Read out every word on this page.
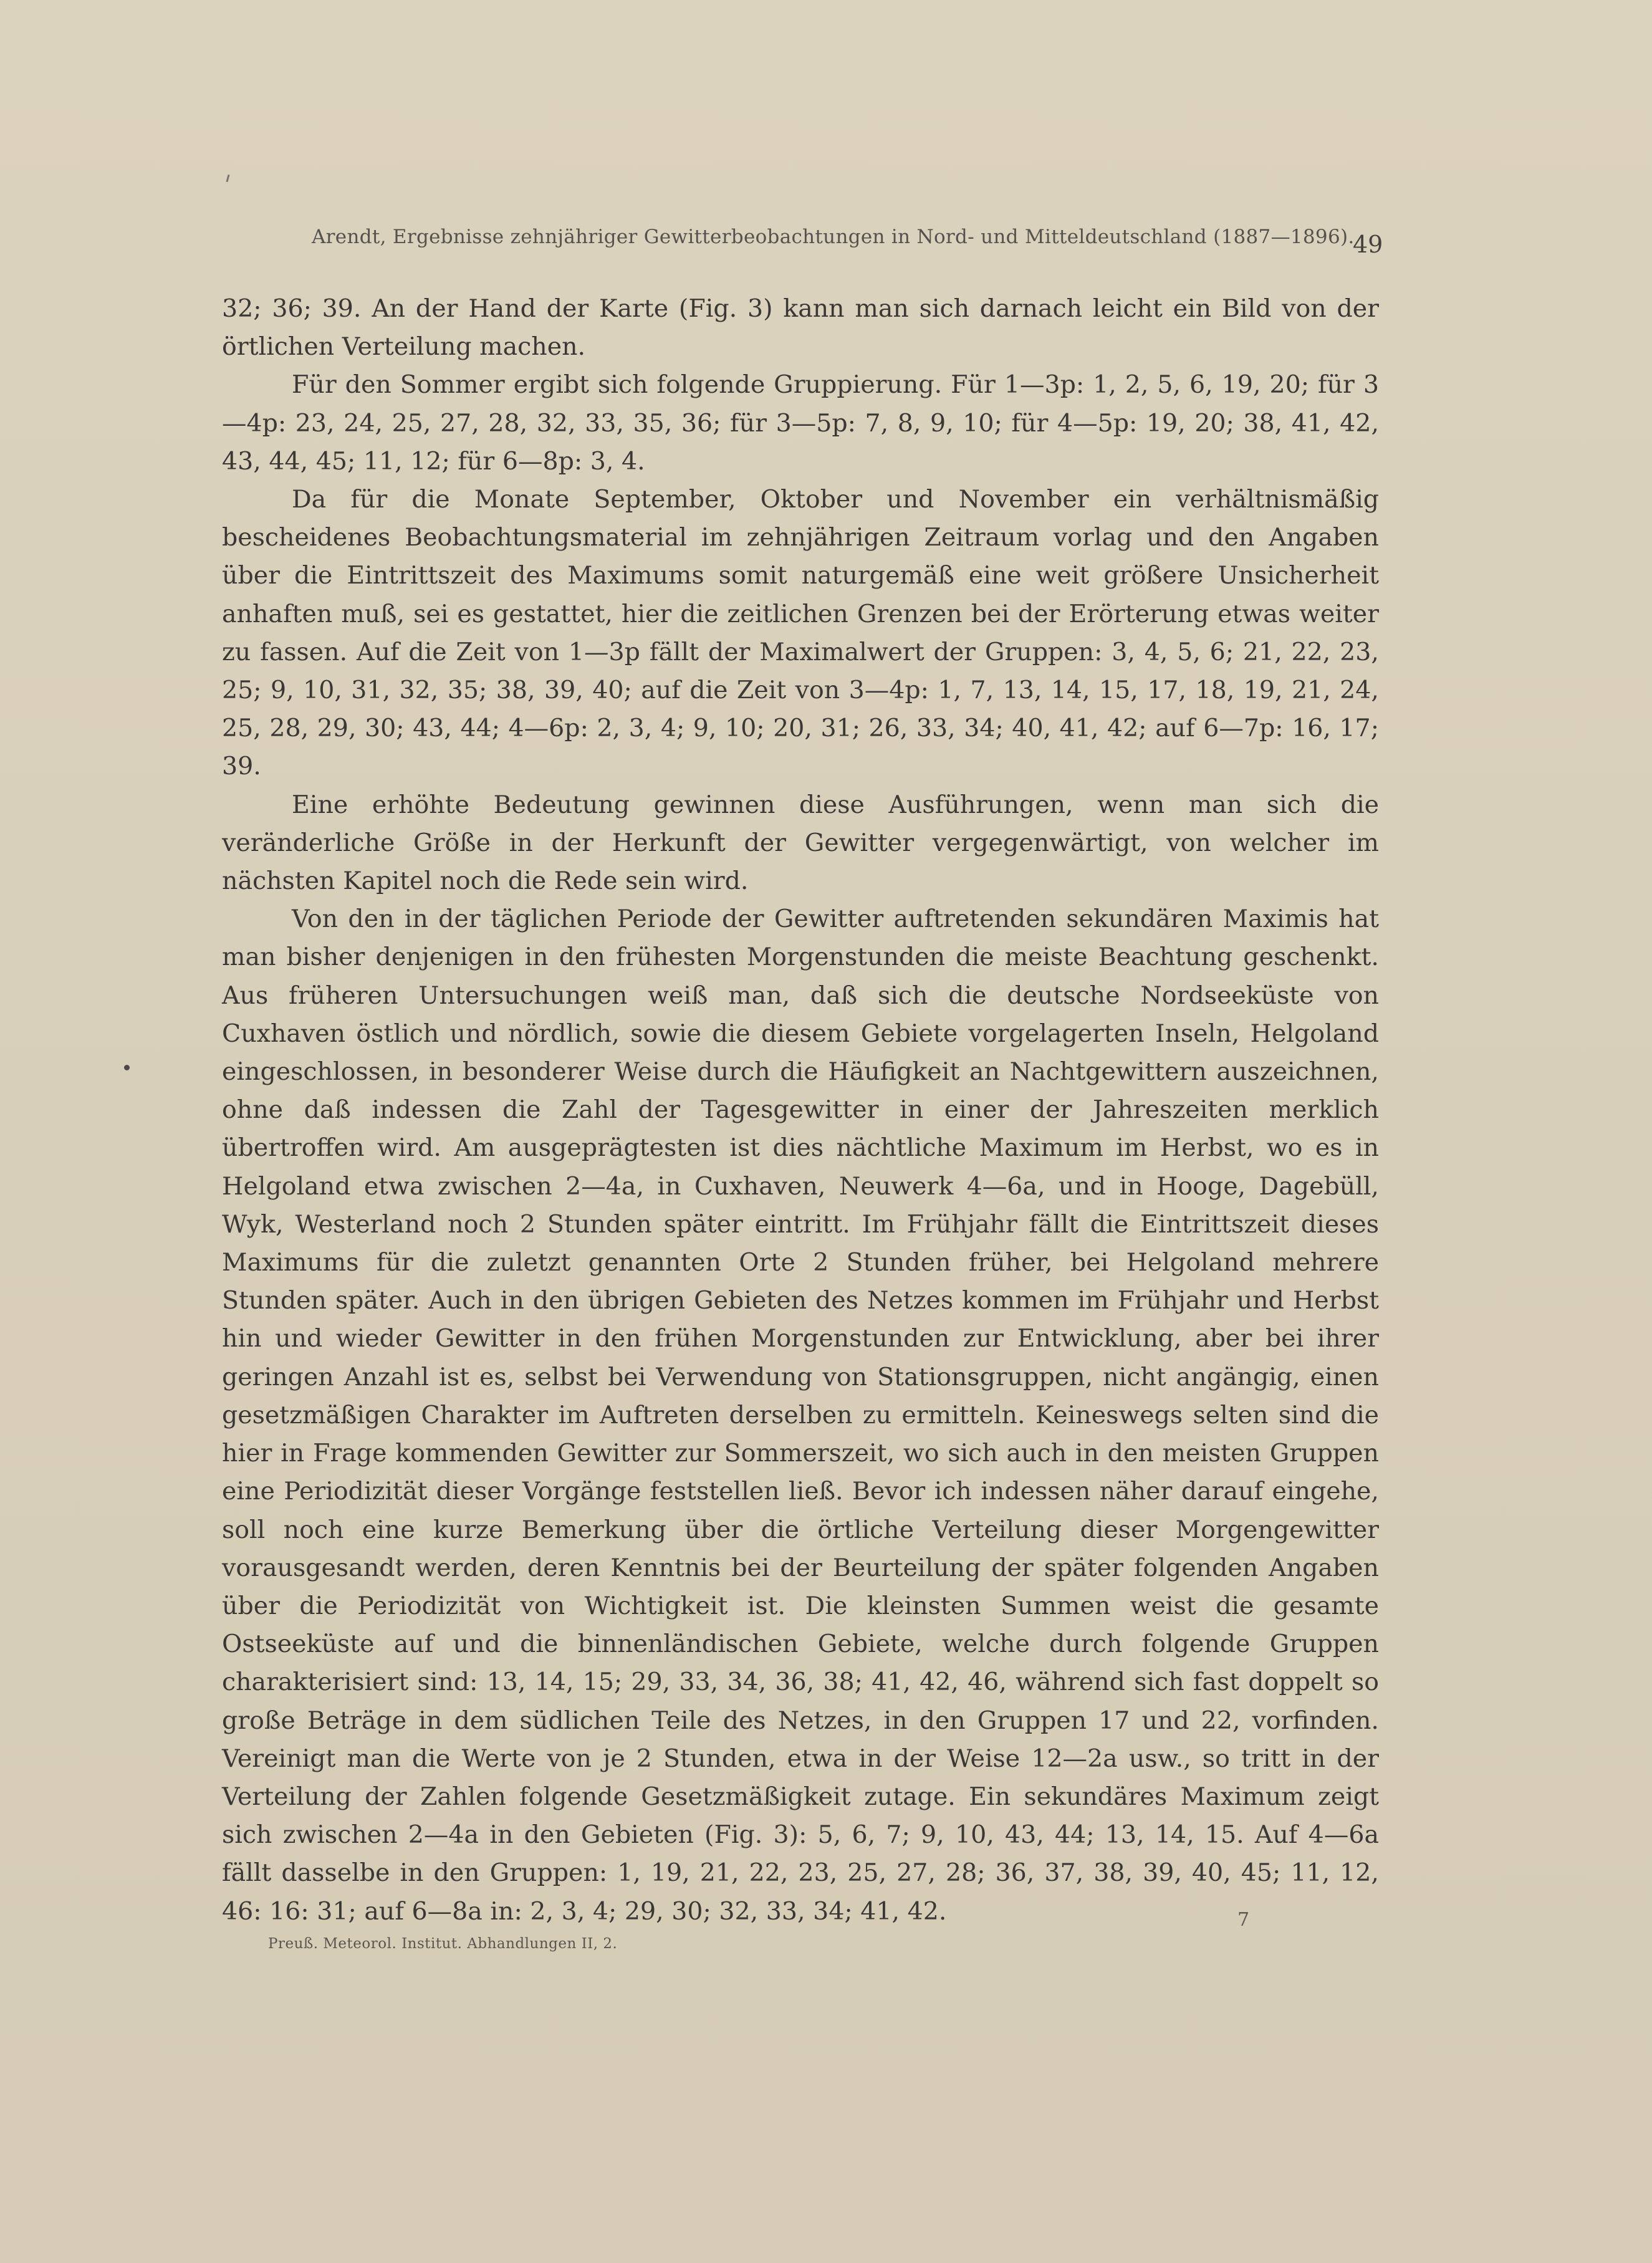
Arendt, Ergebnisse zehnjähriger Gewitterbeobachtungen in Nord- und Mitteldeutschland (1887—1896).
49

32; 36; 39. An der Hand der Karte (Fig. 3) kann man sich darnach leicht ein Bild von der örtlichen Verteilung machen.

Für den Sommer ergibt sich folgende Gruppierung. Für 1—3p: 1, 2, 5, 6, 19, 20; für 3—4p: 23, 24, 25, 27, 28, 32, 33, 35, 36; für 3—5p: 7, 8, 9, 10; für 4—5p: 19, 20; 38, 41, 42, 43, 44, 45; 11, 12; für 6—8p: 3, 4.

Da für die Monate September, Oktober und November ein verhältnismäßig bescheidenes Beobachtungsmaterial im zehnjährigen Zeitraum vorlag und den Angaben über die Eintrittszeit des Maximums somit naturgemäß eine weit größere Unsicherheit anhaften muß, sei es gestattet, hier die zeitlichen Grenzen bei der Erörterung etwas weiter zu fassen. Auf die Zeit von 1—3p fällt der Maximalwert der Gruppen: 3, 4, 5, 6; 21, 22, 23, 25; 9, 10, 31, 32, 35; 38, 39, 40; auf die Zeit von 3—4p: 1, 7, 13, 14, 15, 17, 18, 19, 21, 24, 25, 28, 29, 30; 43, 44; 4—6p: 2, 3, 4; 9, 10; 20, 31; 26, 33, 34; 40, 41, 42; auf 6—7p: 16, 17; 39.

Eine erhöhte Bedeutung gewinnen diese Ausführungen, wenn man sich die veränderliche Größe in der Herkunft der Gewitter vergegenwärtigt, von welcher im nächsten Kapitel noch die Rede sein wird.

Von den in der täglichen Periode der Gewitter auftretenden sekundären Maximis hat man bisher denjenigen in den frühesten Morgenstunden die meiste Beachtung geschenkt. Aus früheren Untersuchungen weiß man, daß sich die deutsche Nordseeküste von Cuxhaven östlich und nördlich, sowie die diesem Gebiete vorgelagerten Inseln, Helgoland eingeschlossen, in besonderer Weise durch die Häufigkeit an Nachtgewittern auszeichnen, ohne daß indessen die Zahl der Tagesgewitter in einer der Jahreszeiten merklich übertroffen wird. Am ausgeprägtesten ist dies nächtliche Maximum im Herbst, wo es in Helgoland etwa zwischen 2—4a, in Cuxhaven, Neuwerk 4—6a, und in Hooge, Dagebüll, Wyk, Westerland noch 2 Stunden später eintritt. Im Frühjahr fällt die Eintrittszeit dieses Maximums für die zuletzt genannten Orte 2 Stunden früher, bei Helgoland mehrere Stunden später. Auch in den übrigen Gebieten des Netzes kommen im Frühjahr und Herbst hin und wieder Gewitter in den frühen Morgenstunden zur Entwicklung, aber bei ihrer geringen Anzahl ist es, selbst bei Verwendung von Stationsgruppen, nicht angängig, einen gesetzmäßigen Charakter im Auftreten derselben zu ermitteln. Keineswegs selten sind die hier in Frage kommenden Gewitter zur Sommerszeit, wo sich auch in den meisten Gruppen eine Periodizität dieser Vorgänge feststellen ließ. Bevor ich indessen näher darauf eingehe, soll noch eine kurze Bemerkung über die örtliche Verteilung dieser Morgengewitter vorausgesandt werden, deren Kenntnis bei der Beurteilung der später folgenden Angaben über die Periodizität von Wichtigkeit ist. Die kleinsten Summen weist die gesamte Ostseeküste auf und die binnenländischen Gebiete, welche durch folgende Gruppen charakterisiert sind: 13, 14, 15; 29, 33, 34, 36, 38; 41, 42, 46, während sich fast doppelt so große Beträge in dem südlichen Teile des Netzes, in den Gruppen 17 und 22, vorfinden. Vereinigt man die Werte von je 2 Stunden, etwa in der Weise 12—2a usw., so tritt in der Verteilung der Zahlen folgende Gesetzmäßigkeit zutage. Ein sekundäres Maximum zeigt sich zwischen 2—4a in den Gebieten (Fig. 3): 5, 6, 7; 9, 10, 43, 44; 13, 14, 15. Auf 4—6a fällt dasselbe in den Gruppen: 1, 19, 21, 22, 23, 25, 27, 28; 36, 37, 38, 39, 40, 45; 11, 12, 46: 16: 31; auf 6—8a in: 2, 3, 4; 29, 30; 32, 33, 34; 41, 42.

Preuß. Meteorol. Institut. Abhandlungen II, 2.
7
